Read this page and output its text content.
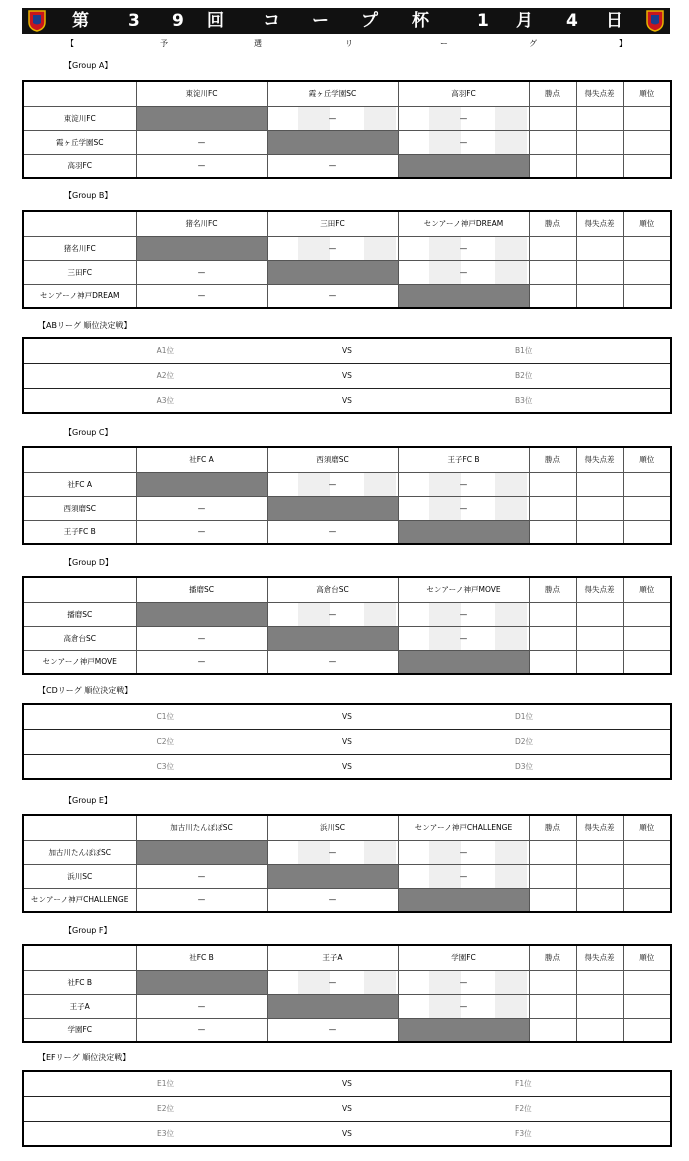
第 3 9 回 コ ー プ 杯	1 月 4 日
【	予	選	リ	ー	グ	】
【Group A】
【Group B】
【ABリーグ 順位決定戦】
【Group C】
【Group D】
【CDリーグ 順位決定戦】
【Group E】
【Group F】
【EFリーグ 順位決定戦】
	東淀川FC	霞ヶ丘学園SC	高羽FC	勝点	得失点差	順位
東淀川FC		—	—			
霞ヶ丘学園SC	—		—			
高羽FC	—	—				
	猪名川FC	三田FC	センアーノ神戸DREAM	勝点	得失点差	順位
猪名川FC		—	—			
三田FC	—		—			
センアーノ神戸DREAM	—	—				
	社FC A	西須磨SC	王子FC B	勝点	得失点差	順位
社FC A		—	—			
西須磨SC	—		—			
王子FC B	—	—				
	播磨SC	高倉台SC	センアーノ神戸MOVE	勝点	得失点差	順位
播磨SC		—	—			
高倉台SC	—		—			
センアーノ神戸MOVE	—	—				
	加古川たんぽぽSC	浜川SC	センアーノ神戸CHALLENGE	勝点	得失点差	順位
加古川たんぽぽSC		—	—			
浜川SC	—		—			
センアーノ神戸CHALLENGE	—	—				
	社FC B	王子A	学園FC	勝点	得失点差	順位
社FC B		—	—			
王子A	—		—			
学園FC	—	—				
A1位	VS	B1位
A2位	VS	B2位
A3位	VS	B3位
C1位	VS	D1位
C2位	VS	D2位
C3位	VS	D3位
E1位	VS	F1位
E2位	VS	F2位
E3位	VS	F3位
